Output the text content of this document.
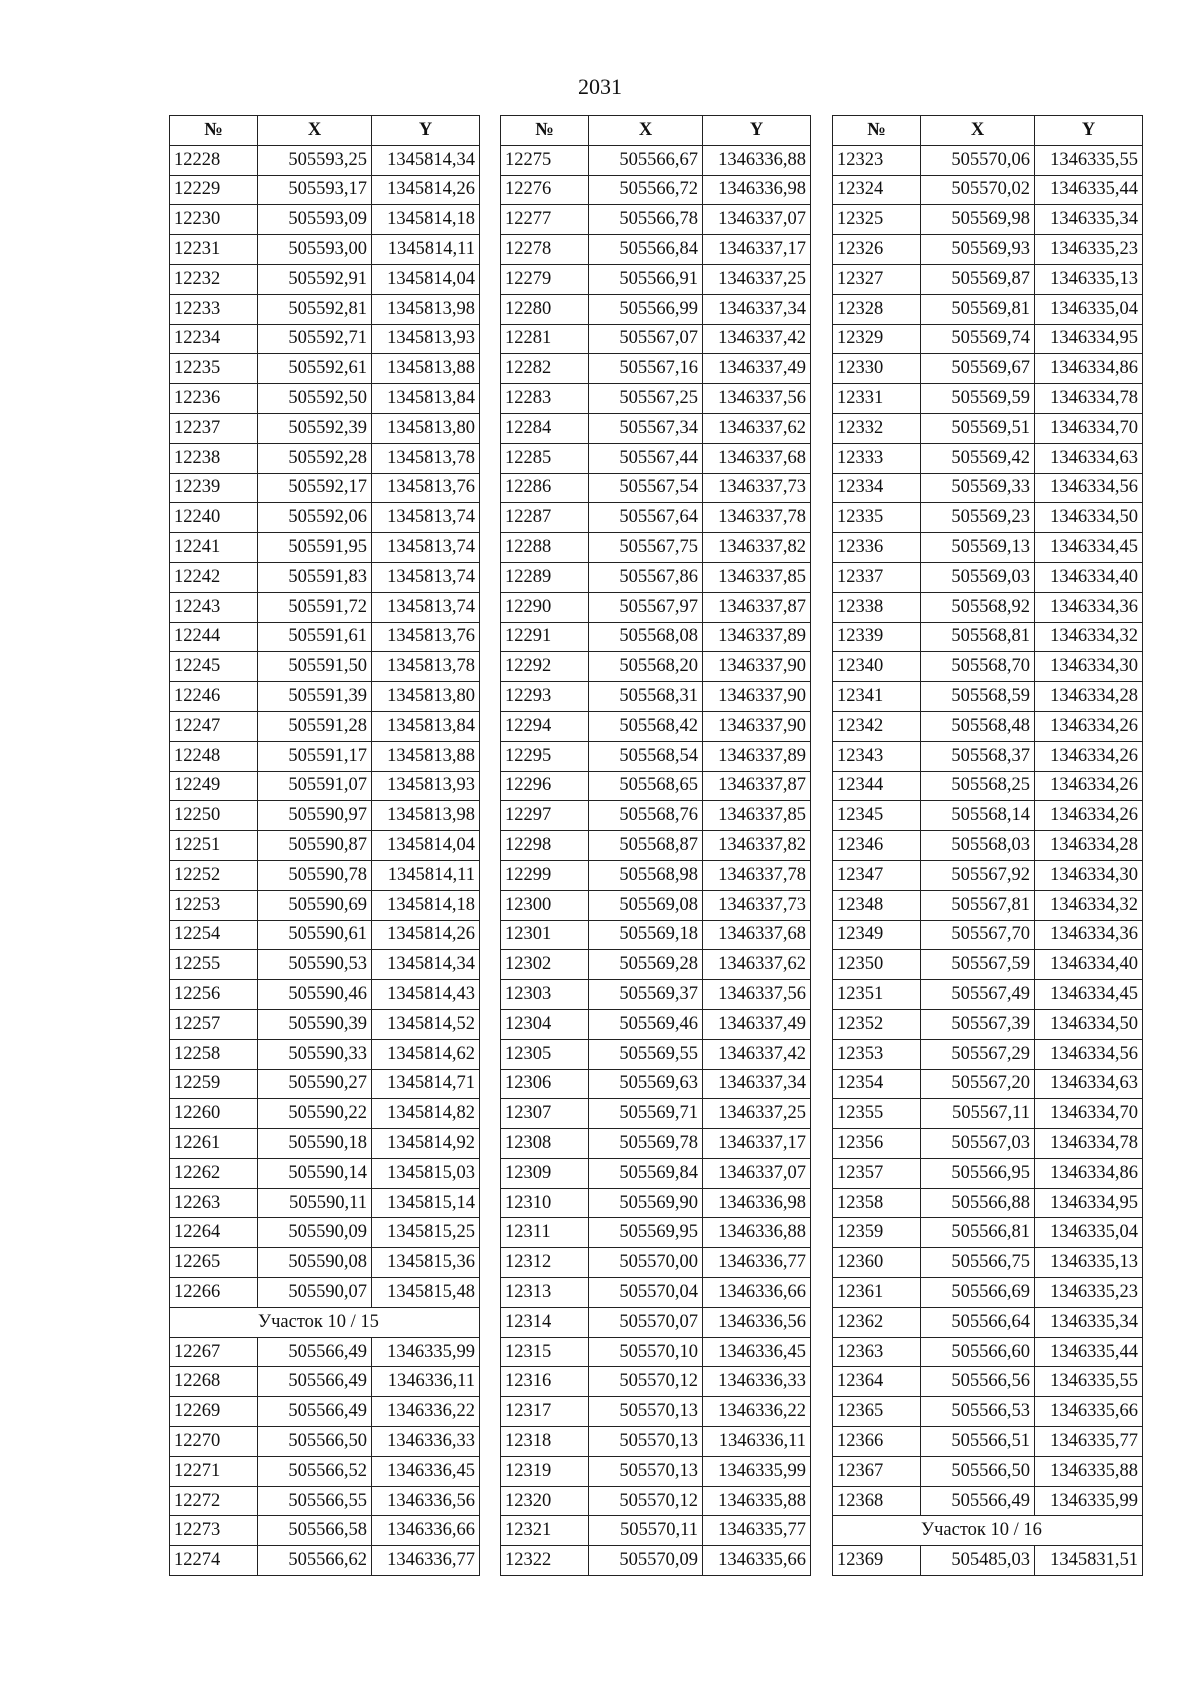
2031
№	X	Y
12228	505593,25	1345814,34
12229	505593,17	1345814,26
12230	505593,09	1345814,18
12231	505593,00	1345814,11
12232	505592,91	1345814,04
12233	505592,81	1345813,98
12234	505592,71	1345813,93
12235	505592,61	1345813,88
12236	505592,50	1345813,84
12237	505592,39	1345813,80
12238	505592,28	1345813,78
12239	505592,17	1345813,76
12240	505592,06	1345813,74
12241	505591,95	1345813,74
12242	505591,83	1345813,74
12243	505591,72	1345813,74
12244	505591,61	1345813,76
12245	505591,50	1345813,78
12246	505591,39	1345813,80
12247	505591,28	1345813,84
12248	505591,17	1345813,88
12249	505591,07	1345813,93
12250	505590,97	1345813,98
12251	505590,87	1345814,04
12252	505590,78	1345814,11
12253	505590,69	1345814,18
12254	505590,61	1345814,26
12255	505590,53	1345814,34
12256	505590,46	1345814,43
12257	505590,39	1345814,52
12258	505590,33	1345814,62
12259	505590,27	1345814,71
12260	505590,22	1345814,82
12261	505590,18	1345814,92
12262	505590,14	1345815,03
12263	505590,11	1345815,14
12264	505590,09	1345815,25
12265	505590,08	1345815,36
12266	505590,07	1345815,48
Участок 10 / 15		
12267	505566,49	1346335,99
12268	505566,49	1346336,11
12269	505566,49	1346336,22
12270	505566,50	1346336,33
12271	505566,52	1346336,45
12272	505566,55	1346336,56
12273	505566,58	1346336,66
12274	505566,62	1346336,77
№	X	Y
12275	505566,67	1346336,88
12276	505566,72	1346336,98
12277	505566,78	1346337,07
12278	505566,84	1346337,17
12279	505566,91	1346337,25
12280	505566,99	1346337,34
12281	505567,07	1346337,42
12282	505567,16	1346337,49
12283	505567,25	1346337,56
12284	505567,34	1346337,62
12285	505567,44	1346337,68
12286	505567,54	1346337,73
12287	505567,64	1346337,78
12288	505567,75	1346337,82
12289	505567,86	1346337,85
12290	505567,97	1346337,87
12291	505568,08	1346337,89
12292	505568,20	1346337,90
12293	505568,31	1346337,90
12294	505568,42	1346337,90
12295	505568,54	1346337,89
12296	505568,65	1346337,87
12297	505568,76	1346337,85
12298	505568,87	1346337,82
12299	505568,98	1346337,78
12300	505569,08	1346337,73
12301	505569,18	1346337,68
12302	505569,28	1346337,62
12303	505569,37	1346337,56
12304	505569,46	1346337,49
12305	505569,55	1346337,42
12306	505569,63	1346337,34
12307	505569,71	1346337,25
12308	505569,78	1346337,17
12309	505569,84	1346337,07
12310	505569,90	1346336,98
12311	505569,95	1346336,88
12312	505570,00	1346336,77
12313	505570,04	1346336,66
12314	505570,07	1346336,56
12315	505570,10	1346336,45
12316	505570,12	1346336,33
12317	505570,13	1346336,22
12318	505570,13	1346336,11
12319	505570,13	1346335,99
12320	505570,12	1346335,88
12321	505570,11	1346335,77
12322	505570,09	1346335,66
№	X	Y
12323	505570,06	1346335,55
12324	505570,02	1346335,44
12325	505569,98	1346335,34
12326	505569,93	1346335,23
12327	505569,87	1346335,13
12328	505569,81	1346335,04
12329	505569,74	1346334,95
12330	505569,67	1346334,86
12331	505569,59	1346334,78
12332	505569,51	1346334,70
12333	505569,42	1346334,63
12334	505569,33	1346334,56
12335	505569,23	1346334,50
12336	505569,13	1346334,45
12337	505569,03	1346334,40
12338	505568,92	1346334,36
12339	505568,81	1346334,32
12340	505568,70	1346334,30
12341	505568,59	1346334,28
12342	505568,48	1346334,26
12343	505568,37	1346334,26
12344	505568,25	1346334,26
12345	505568,14	1346334,26
12346	505568,03	1346334,28
12347	505567,92	1346334,30
12348	505567,81	1346334,32
12349	505567,70	1346334,36
12350	505567,59	1346334,40
12351	505567,49	1346334,45
12352	505567,39	1346334,50
12353	505567,29	1346334,56
12354	505567,20	1346334,63
12355	505567,11	1346334,70
12356	505567,03	1346334,78
12357	505566,95	1346334,86
12358	505566,88	1346334,95
12359	505566,81	1346335,04
12360	505566,75	1346335,13
12361	505566,69	1346335,23
12362	505566,64	1346335,34
12363	505566,60	1346335,44
12364	505566,56	1346335,55
12365	505566,53	1346335,66
12366	505566,51	1346335,77
12367	505566,50	1346335,88
12368	505566,49	1346335,99
Участок 10 / 16		
12369	505485,03	1345831,51
